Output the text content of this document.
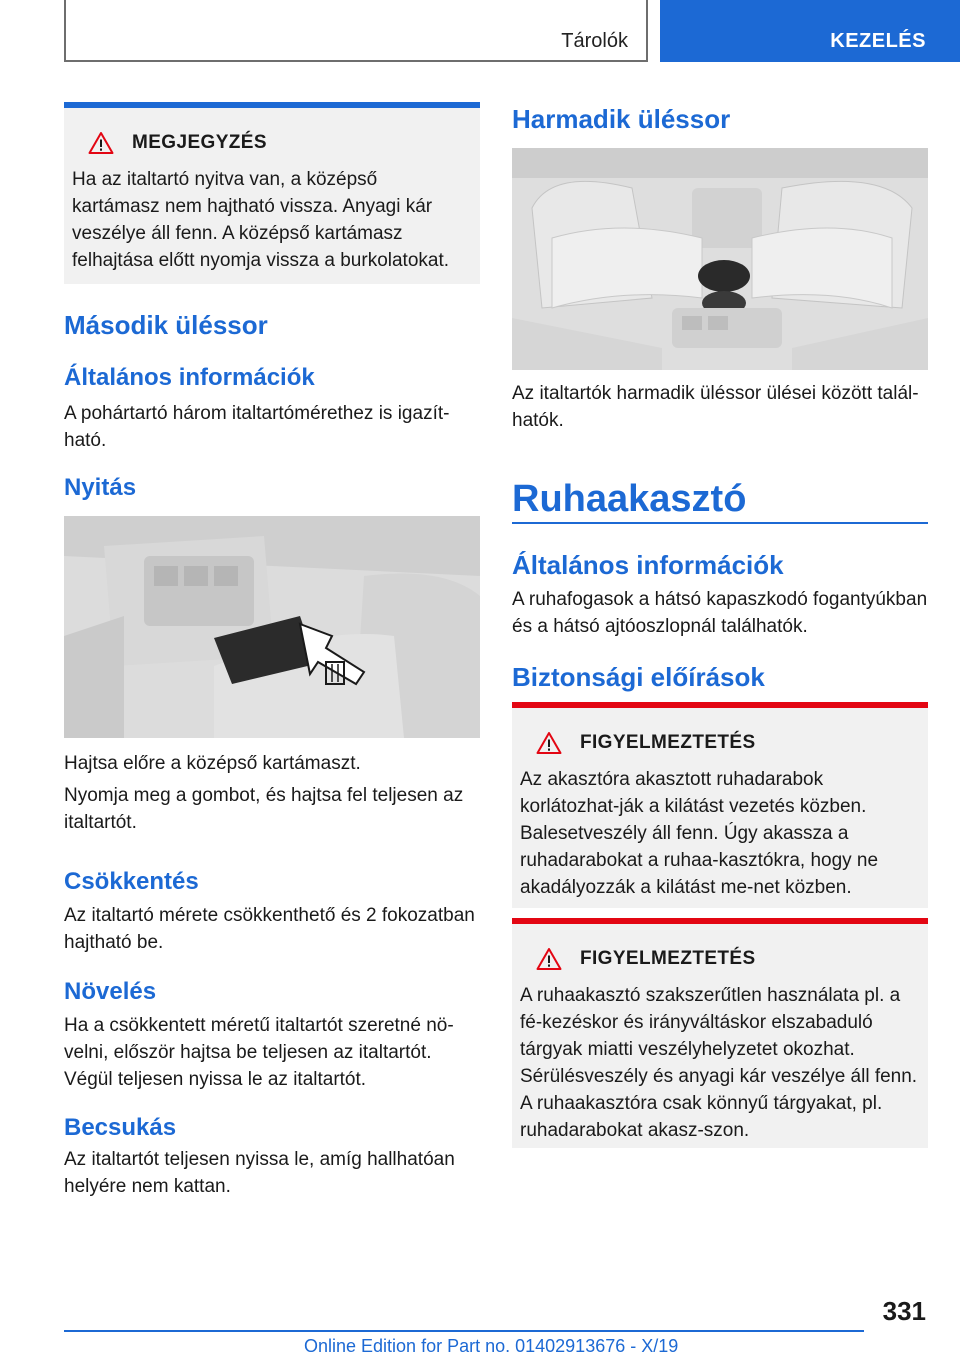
Tárolók	KEZELÉS
MEGJEGYZÉS
Ha az italtartó nyitva van, a középső kartámasz nem hajtható vissza. Anyagi kár veszélye áll fenn. A középső kartámasz felhajtása előtt nyomja vissza a burkolatokat.
Második üléssor
Általános információk
A pohártartó három italtartómérethez is igazít-ható.
Nyitás
Hajtsa előre a középső kartámaszt.
Nyomja meg a gombot, és hajtsa fel teljesen az italtartót.
Csökkentés
Az italtartó mérete csökkenthető és 2 fokozatban hajtható be.
Növelés
Ha a csökkentett méretű italtartót szeretné nö-velni, először hajtsa be teljesen az italtartót. Végül teljesen nyissa le az italtartót.
Becsukás
Az italtartót teljesen nyissa le, amíg hallhatóan helyére nem kattan.
Harmadik üléssor
Az italtartók harmadik üléssor ülései között talál-hatók.
Ruhaakasztó
Általános információk
A ruhafogasok a hátsó kapaszkodó fogantyúkban és a hátsó ajtóoszlopnál találhatók.
Biztonsági előírások
FIGYELMEZTETÉS
Az akasztóra akasztott ruhadarabok korlátozhat-ják a kilátást vezetés közben. Balesetveszély áll fenn. Úgy akassza a ruhadarabokat a ruhaa-kasztókra, hogy ne akadályozzák a kilátást me-net közben.
FIGYELMEZTETÉS
A ruhaakasztó szakszerűtlen használata pl. a fé-kezéskor és irányváltáskor elszabaduló tárgyak miatti veszélyhelyzetet okozhat. Sérülésveszély és anyagi kár veszélye áll fenn. A ruhaakasztóra csak könnyű tárgyakat, pl. ruhadarabokat akasz-szon.
331
Online Edition for Part no. 01402913676 - X/19
